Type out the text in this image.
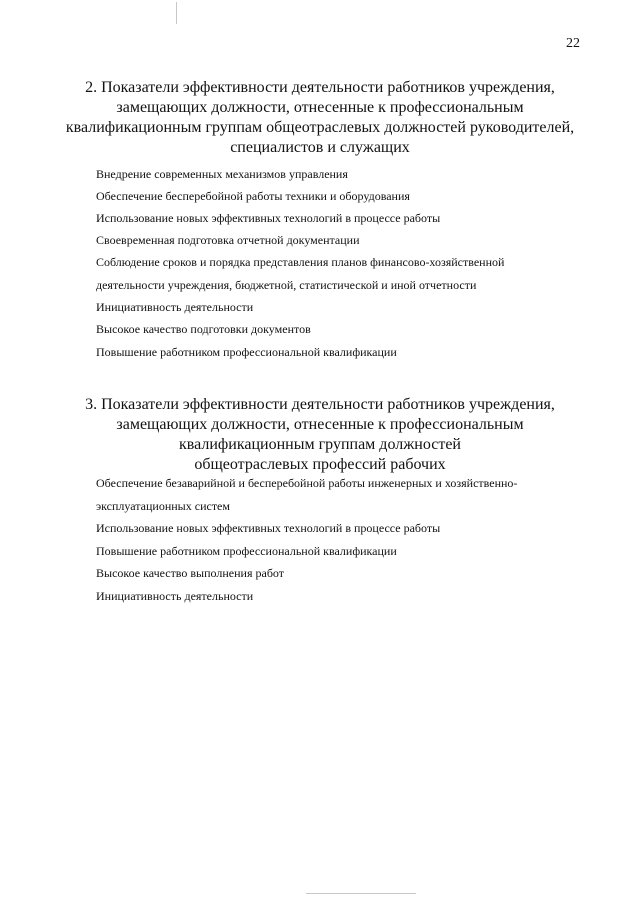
22

2. Показатели эффективности деятельности работников учреждения,
замещающих должности, отнесенные к профессиональным
квалификационным группам общеотраслевых должностей руководителей,
специалистов и служащих
Внедрение современных механизмов управления
Обеспечение бесперебойной работы техники и оборудования
Использование новых эффективных технологий в процессе работы
Своевременная подготовка отчетной документации
Соблюдение сроков и порядка представления планов финансово-хозяйственной
деятельности учреждения, бюджетной, статистической и иной отчетности
Инициативность деятельности
Высокое качество подготовки документов
Повышение работником профессиональной квалификации
3. Показатели эффективности деятельности работников учреждения,
замещающих должности, отнесенные к профессиональным
квалификационным группам должностей
общеотраслевых профессий рабочих
Обеспечение безаварийной и бесперебойной работы инженерных и хозяйственно-
эксплуатационных систем
Использование новых эффективных технологий в процессе работы
Повышение работником профессиональной квалификации
Высокое качество выполнения работ
Инициативность деятельности
